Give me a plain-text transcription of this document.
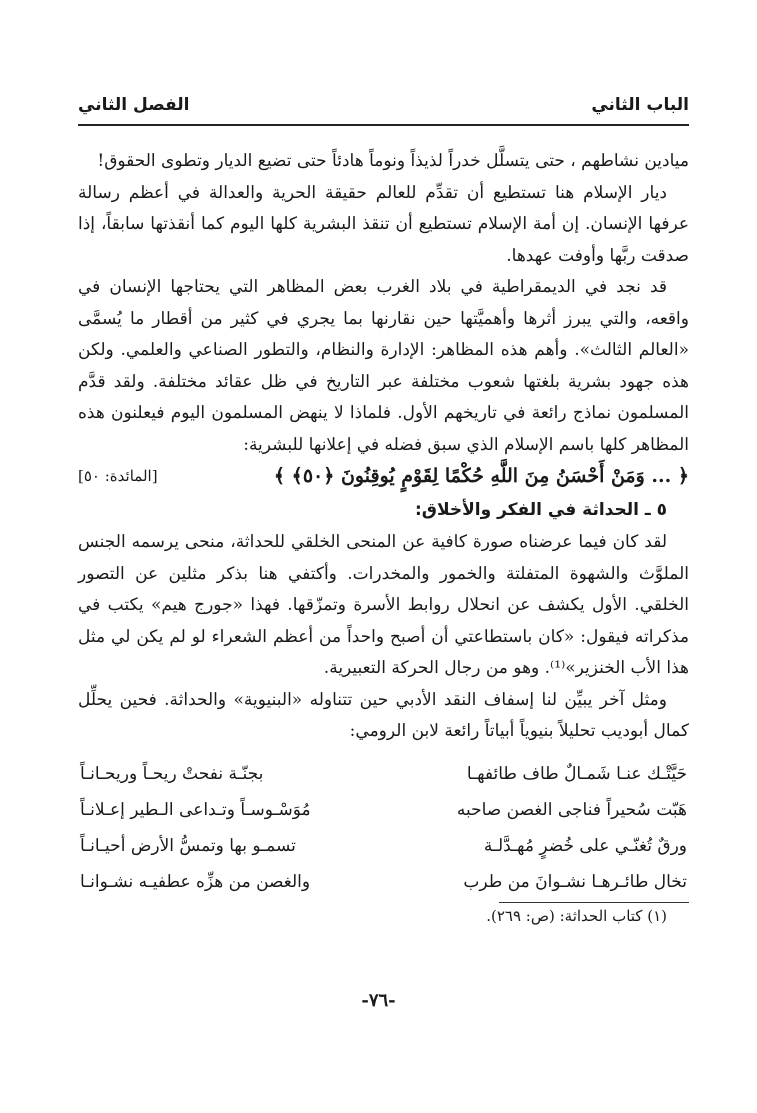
الباب الثاني
الفصل الثاني

ميادين نشاطهم ، حتى يتسلَّل خدراً لذيذاً ونوماً هادئاً حتى تضيع الديار وتطوى الحقوق!

ديار الإسلام هنا تستطيع أن تقدِّم للعالم حقيقة الحرية والعدالة في أعظم رسالة عرفها الإنسان. إن أمة الإسلام تستطيع أن تنقذ البشرية كلها اليوم كما أنقذتها سابقاً، إذا صدقت ربَّها وأوفت عهدها.

قد نجد في الديمقراطية في بلاد الغرب بعض المظاهر التي يحتاجها الإنسان في واقعه، والتي يبرز أثرها وأهميَّتها حين نقارنها بما يجري في كثير من أقطار ما يُسمَّى «العالم الثالث». وأهم هذه المظاهر: الإدارة والنظام، والتطور الصناعي والعلمي. ولكن هذه جهود بشرية بلغتها شعوب مختلفة عبر التاريخ في ظل عقائد مختلفة. ولقد قدَّم المسلمون نماذج رائعة في تاريخهم الأول. فلماذا لا ينهض المسلمون اليوم فيعلنون هذه المظاهر كلها باسم الإسلام الذي سبق فضله في إعلانها للبشرية:

﴿ ... وَمَنْ أَحْسَنُ مِنَ اللَّهِ حُكْمًا لِقَوْمٍ يُوقِنُونَ ﴿٥٠﴾ ﴾
[المائدة: ٥٠]

٥ ـ الحداثة في الفكر والأخلاق:

لقد كان فيما عرضناه صورة كافية عن المنحى الخلقي للحداثة، منحى يرسمه الجنس الملوَّث والشهوة المتفلتة والخمور والمخدرات. وأكتفي هنا بذكر مثلين عن التصور الخلقي. الأول يكشف عن انحلال روابط الأسرة وتمزّقها. فهذا «جورج هيم» يكتب في مذكراته فيقول: «كان باستطاعتي أن أصبح واحداً من أعظم الشعراء لو لم يكن لي مثل هذا الأب الخنزير»⁽¹⁾. وهو من رجال الحركة التعبيرية.

ومثل آخر يبيِّن لنا إسفاف النقد الأدبي حين تتناوله «البنيوية» والحداثة. فحين يحلِّل كمال أبوديب تحليلاً بنيوياً أبياتاً رائعة لابن الرومي:

حَيَّتْـك عنـا شَمـالٌ طاف طائفهـا
بجنّـة نفحتْ ريحـاً وريحـانـاً
هَبّت سُحيراً فناجى الغصن صاحبه
مُوَسْـوسـاً وتـداعى الـطير إعـلانـاً
ورقٌ تُغنّـي على خُضرٍ مُهـدَّلـة
تسمـو بها وتمسُّ الأرض أحيـانـاً
تخال طائـرهـا نشـوانَ من طرب
والغصن من هزِّه عطفيـه نشـوانـا

(١) كتاب الحداثة: (ص: ٢٦٩).

-٧٦-
